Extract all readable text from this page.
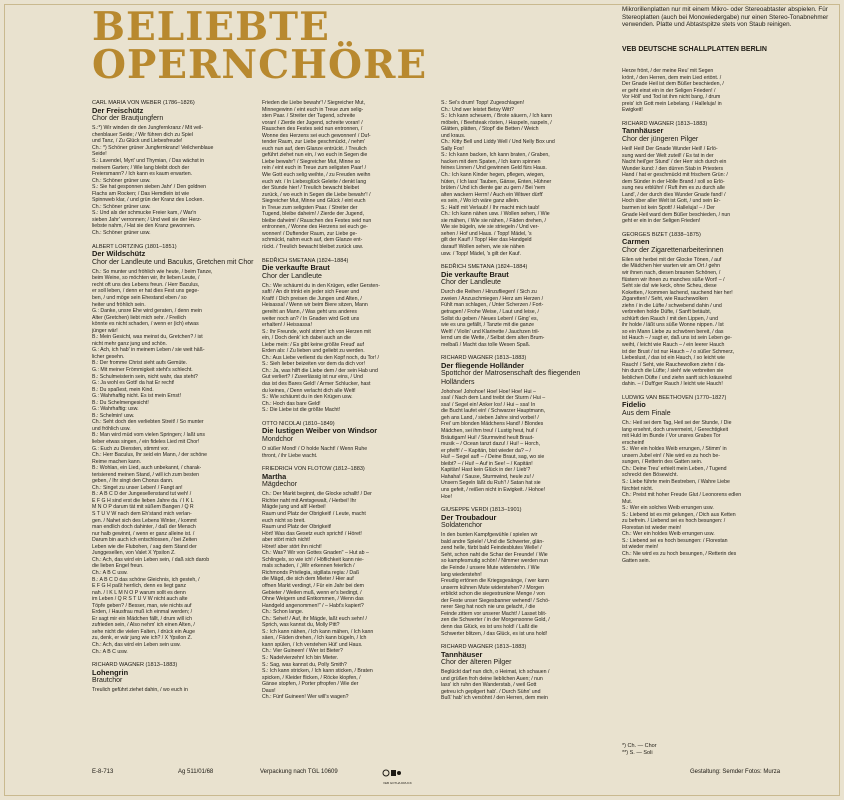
BELIEBTE
OPERNCHÖRE
Mikrorillenplatten nur mit einem Mikro- oder Stereoabtaster abspielen. Für Stereoplatten (auch bei Monowiedergabe) nur einen Stereo-Tonabnehmer verwenden. Platte und Abtastspitze stets von Staub reinigen.
VEB DEUTSCHE SCHALLPLATTEN BERLIN
CARL MARIA VON WEBER (1786–1826)
Der Freischütz
Chor der Brautjungfern
S.:*) Wir winden dir den Jungfernkranz / Mit veil-
chenblauer Seide; / Wir führen dich zu Spiel
und Tanz, / Zu Glück und Liebesfreude!
Ch.: *) Schöner grüner Jungfernkranz! Veilchenblaue
Seide!
S.: Lavendel, Myrt' und Thymian, / Das wächst in
meinem Garten; / Wie lang bleibt doch der
Freiersmann? / Ich kann es kaum erwarten.
Ch.: Schöner grüner usw.
S.: Sie hat gesponnen sieben Jahr' / Den goldnen
Flachs am Rocken; / Das Hemdlein ist wie
Spinnweb klar, / und grün der Kranz des Locken.
Ch.: Schöner grüner usw.
S.: Und als der schmucke Freier kam, / War'n
sieben Jahr' verronnen; / Und weil sie der Herz-
liebste nahm, / Hat sie den Kranz gewonnen.
Ch.: Schöner grüner usw.
ALBERT LORTZING (1801–1851)
Der Wildschütz
Chor der Landleute und Baculus, Gretchen mit Chor
Ch.: So munter und fröhlich wie heute, / beim Tanze,
beim Weine, so möchten wir, ihr lieben Leute, /
recht oft uns des Lebens freun. / Herr Baculus,
er soll leben, / denn er hat dies Fest uns gege-
ben, / und möge sein Ehestand eben / so
heiter und fröhlich sein.
G.: Danke, unsre Ehe wird geraten, / denn mein
Alter (Gretchen) liebt mich sehr. / Freilich
könnte es nicht schaden, / wenn er (ich) etwas
jünger wär!
B.: Mein Gesicht, was meinst du, Gretchen? / ist
nicht mehr ganz jung und schön.
G.: Ach, ich hab' in meinem Leben / sie weit häß-
licher gesehn.
B.: Der fromme Christ sieht aufs Gemüte.
G.: Mit meiner Frömmigkeit steht's schlecht.
B.: Schulmeisterin sein, nicht wahr, das steht?
G.: Ja wohl es Gott! da hat Er recht!
B.: Du spaßest, mein Kind.
G.: Wahrhaftig nicht. Es ist mein Ernst!
B.: Du Schelmengesicht!
G.: Wahrhaftig: usw.
B.: Schelmin! usw.
Ch.: Seht doch den verliebten Streit! / So munter
und fröhlich usw.
B.: Man wird müd vom vielen Springen; / laßt uns
lieber etwas singen, / ein fideles Lied mit Chor!
G.: Euch zu Diensten, stimmt vor.
Ch.: Herr Baculus, Ihr seid ein Mann, / der schöne
Reime machen kann.
B.: Wohlan, ein Lied, auch unbekannt, / charak-
terisierend meinen Stand, / will ich zum besten
geben, / Ihr singt den Chorus dann.
Ch.: Singet zu unser Leben! / Fangt an!
B.: A B C D der Jungesellenstand tut weh! /
E F G H sind erst die lieben Jahre da. / I K L
M N O P darum tät mit süßem Bangen / Q R
S T U V W nach dem Eh'stand mich verlan-
gen. / Nahet sich des Lebens Winter, / kommt
man endlich doch dahinter, / daß der Mensch
nur halb gewinnt, / wenn er ganz alleine ist. /
Darum bin auch ich entschlossen, / bei Zeiten
Leben wie die Flubohen, / sag dem Stand der
Junggesellen, von Valet X Ypsilon Z.
Ch.: Ach, das wird ein Leben sein, / daß sich darob
die lieben Engel freun.
Ch.: A B C usw.
B.: A B C D das schöne Gleichnis, ich gesteh, /
E F G H paßt herrlich, denn es liegt ganz
nah. / I K L M N O P warum sollt es denn
im Leben / Q R S T U V W nicht auch alte
Töpfe geben? / Besser, man, wie nichts auf
Erden, / Hausfrau muß ich einmal werden; /
Er sagt mir ein Mädchen fällt, / drum will ich
zufrieden sein, / Also nehm' ich einen Alten, /
sehe nicht die vielen Falten, / drück ein Auge
zu, denk, er wär jung wie ich? / X Ypsilon Z.
Ch.: Ach, das wird ein Leben sein usw.
Ch.: A B C usw.
RICHARD WAGNER (1813–1883)
Lohengrin
Brautchor
Treulich geführt ziehet dahin, / wo euch in
Frieden die Liebe bewahr'! / Siegreicher Mut,
Minnegewinn / eint euch in Treue zum selig-
sten Paar. / Streiter der Tugend, schreite
voran! / Zierde der Jugend, schreite voran! /
Rauschen des Festes seid nun entronnen, /
Wonne des Herzens sei euch gewonnen! / Duf-
tender Raum, zur Liebe geschmückt, / nehm'
euch nun auf, dem Glanze entrückt. / Treulich
geführt ziehet nun ein, / wo euch in Segen die
Liebe bewahr'! / Siegreicher Mut, Minne so
rein / eint euch in Treue zum seligsten Paar! /
Wie Gott euch selig weihte, / zu Freuden weihn
euch wir. / In Liebesglück Geleite / denkt lang
der Stunde hier! / Treulich bewacht bleibet
zurück, / wo euch in Segen die Liebe bewahr'! /
Siegreicher Mut, Minne und Glück / eint euch
in Treue zum seligsten Paar. / Streiter der
Tugend, bleibe daheim! / Zierde der Jugend,
bleibe daheim! / Rauschen des Festes seid nun
entronnen, / Wonne des Herzens sei euch ge-
wonnen! / Duftender Raum, zur Liebe ge-
schmückt, nahm euch auf, dem Glanze ent-
rückt. / Treulich bewacht bleibet zurück usw.
BEDŘICH SMETANA (1824–1884)
Die verkaufte Braut
Chor der Landleute
Ch.: Wie schäumt du in den Krügen, edler Gersten-
saft! / An dir trinkt ein jeder sich Feuer und
Kraft! / Dich preisen die Jungen und Alten, /
Heisassa! / Wenn wir beim Biere sitzen, Mann
gereiht an Mann, / Was geht uns anderes
weiter noch an? / In Gnaden wird Gott uns
erhalten! / Heissassa!
S.: Ihr Freunde, wohl stimm' ich von Herzen mit
ein, / Doch denk' ich dabei auch an die
Liebe mein: / Es gibt keine größte Freud' auf
Erden als: / Zu lieben und geliebt zu werden.
Ch.: Aus Liebe verlierst du den Kopf noch, du Tor! /
S.: Sieh lieber beizeiten vor dem da dich vor!
Ch.: Ja, was hilft die Liebe dem / der sein Hab und
Gut verliert? / Zuverlässig ist nur eins, / Und
das ist des Bares Geld! / Armer Schlucker, hast
du keines, / Denn verlacht dich alle Welt!
S.: Wie schäumt du in den Krügen usw.
Ch.: Hoch das bare Geld!
S.: Die Liebe ist die größte Macht!
OTTO NICOLAI (1810–1849)
Die lustigen Weiber von Windsor
Mondchor
O süßer Mond! / O holde Nacht! / Wenn Ruhe
thront, / ihr Liebe wacht.
FRIEDRICH VON FLOTOW (1812–1883)
Martha
Mägdechor
Ch.: Der Markt beginnt, die Glocke schallt! / Der
Richter naht mit Amtsgewalt, / Herbei! Ihr
Mägde jung und alt! Herbei!
Raum und Platz der Obrigkeit! / Leute, macht
euch nicht so breit.
Raum und Platz der Obrigkeit!
Hört! Was das Gesetz euch spricht! / Höret!
aber stört mich nicht!
Höret! aber stört ihn nicht!
Ch.: Was? Wir von Gottes Gnaden" – Hut ab –
Schlingels, so wie ich! / Höflichkeit kann nie-
mals schaden, / „Wir erkennen feierlich /
Richmonds Privilegia, sigillata regia: / Daß
die Mägd, die sich dem Mieter / Hier auf
offnen Markt verdingt, / Für ein Jahr bei dem
Gebieter / Weilen muß, wenn er's bedingt, /
Ohne Weigern und Entkommen, / Wenn das
Handgeld angenommen!" / – Habt's kapiert?
Ch.: Schon lange.
Ch.: Sehet! / Auf, ihr Mägde, laßt euch sehn! /
Sprich, was kannst du, Molly Pitt?
S.: Ich kann nähen, / Ich kann mähen, / Ich kann
säen, / Fäden drehen, / Ich kann bügeln, / Ich
kann spülen, / Ich verstehen Hüt' und Haus.
Ch.: Vier Guineen! / Wer ist Bieter?
S.: Nadelvierzehn! Ich bin Mieter.
S.: Sag, was kannst du, Polly Smith?
S.: Ich kann stricken, / Ich kann sticken, / Braten
spicken, / Kleider flicken, / Röcke klopfen, /
Gänse stopfen, / Porter pfropfen / Wie der
Daus!
Ch.: Fünf Guineen! Wer will's wagen?
S.: Sei's drum! Topp! Zugeschlagen!
Ch.: Und wer leistet Betsy Witt?
S.: Ich kann scheuern, / Brote säuern, / Ich kann
möbeln, / Beefsteak rösten, / Haspeln, raspeln, /
Glätten, plätten, / Stopf' die Betten / Weich
und kraus.
Ch.: Kitty Bell und Liddy Well / Und Nelly Box und
Sally Fox!
S.: Ich kann backen, Ich kann braten, / Graben,
hacken mit dem Spaten, / Ich kann spinnen
feines Linnen / Und gewinnen Geld fürs Haus.
Ch.: Ich kann Kinder hegen, pflegen, wiegen,
hüten, / Ich lass' Tauben, Gänse, Enten, Hühner
brüten / Und ich diente gar zu gern / Bei 'nem
alten wackern Herrn! / Auch ein Witwer dürft'
es sein, / Wo ich wäre ganz allein.
S.: Halt! mit Verlaub! / Ihr macht mich taub!
Ch.: Ich kann nähen usw. / Wollen sehen, / Wie
sie mähen, / Wie sie nähen, / Fäden drehen, /
Wie sie bügeln, wie sie striegeln / Und ver-
sehen / Hof und Haus. / Topp! Mädel, 's
gilt der Kauf! / Topp! Hier das Handgeld
darauf! Wollen sehen, wie sie nähen
usw. / Topp! Mädel, 's gilt der Kauf.
BEDŘICH SMETANA (1824–1884)
Die verkaufte Braut
Chor der Landleute
Durch die Reihen / Hinzufliegen! / Sich zu
zweien / Anzuschmiegen / Herz am Herzen /
Fühlt man schlagen, / Unter Scherzen / Fort-
getragen! / Frohe Weise, / Laut und leise, /
Sollst du geben / Neues Leben! / Ging' es,
wie es uns gefällt, / Tanzte mit die ganze
Welt! / Violin' und Klarinette / Jauchzen tril-
lernd um die Wette, / Selbst dem alten Brum-
melbaß / Macht das tolle Wesen Spaß.
RICHARD WAGNER (1813–1883)
Der fliegende Holländer
Spottchor der Matrosenschaft des fliegenden Holländers
Johohoe! Johohoe! Hoe! Hoe! Hoe! Hui –
ssa! / Nach dem Land treibt der Sturm / Hui –
ssa! / Segel ein! Anker los! / Hui – ssa! In
die Bucht laufet ein! / Schwarzer Hauptmann,
geh ans Land, / sieben Jahre sind vorbei! /
Frei' um blonden Mädchens Hand! / Blondes
Mädchen, sei ihm treu! / Lustig heut, hui! /
Bräutigam! Hui! / Sturmwind heult Braut-
musik – / Ocean tanzt dazu! / Hui! – Horch,
er pfeift! / – Kapitän, bist wieder da? – /
Hui! – Segel auf! – / Deine Braut, sag, wo sie
bleibt? – / Hui! – Auf in See! – / Kapitän!
Kapitän! Hast kein Glück in der / Lieb'?
Hahaha! / Sause, Sturmwind, heule zu! /
Unsern Segeln läßt du Ruh'! / Satan hat sie
uns gefeit, / reißen nicht in Ewigkeit. / Hohoe!
Hoe!
GIUSEPPE VERDI (1813–1901)
Der Troubadour
Soldatenchor
In den bunten Kampfgewühle / spielen wir
bald andre Spiele! / Und die Schwerter, glän-
zend helle, färbt bald Feindesblutes Welle! /
Seht, schon naht die Schar der Freunde! / Wie
so kampfesmutig schön! / Nimmer werden nun
die Feinde / unsere Mute widerstehn. / Wie
lang wiederstehn!
Freudig ertönen die Kriegsgesänge, / wer kann
unserm kühnen Mute widerstehen? / Morgen
erblickt schon die siegestrunkne Menge / von
der Feste unser Siegesbanner wehend! / Schö-
nerer Sieg hat noch nie uns gelacht, / die
Feinde zittern vor unserer Macht! / Lasset blit-
zen die Schwerter / in der Morgensonne Gold, /
denn das Glück, es ist uns hold! / Laßt die
Schwerter blitzen, / das Glück, es ist uns hold!
RICHARD WAGNER (1813–1883)
Tannhäuser
Chor der älteren Pilger
Beglückt darf nun dich, o Heimat, ich schauen /
und grüßen froh deine lieblichen Auen; / nun
lass' ich ruhn den Wanderstab, / weil Gott
getreu ich gepilgert hab'. / Durch Sühn' und
Buß' hab' ich versöhnt / den Herren, dem mein
Herze frönt, / der meine Reu' mit Segen
krönt, / den Herren, dem mein Lied ertönt. /
Der Gnade Heil ist dem Büßer beschieden, /
er geht einst ein in der Seligen Frieden! /
Vor Höll' und Tod ist ihm nicht bang, / drum
preis' ich Gott mein Lebelang. / Halleluja! in
Ewigkeit!
RICHARD WAGNER (1813–1883)
Tannhäuser
Chor der jüngeren Pilger
Heil! Heil! Der Gnade Wunder Heil! / Erlö-
sung ward der Welt zuteil! / Es tat in der
Nacht heil'ger Stund' / der Herr sich durch ein
Wunder kund: / den dürren Stab in Priesters
Hand / hat er geschmückt mit frischem Grün: /
dem Sünder in der Hölle Brand / soll so Erlö-
sung neu erblühn! / Ruft ihm es zu durch alle
Land', / der durch dies Wunder Gnade fand! /
Hoch über aller Welt ist Gott, / und sein Er-
barmen ist kein Spott! / Halleluja! – / Der
Gnade Heil ward dem Büßer beschieden, / nun
geht er ein in der Seligen Frieden!
GEORGES BIZET (1838–1875)
Carmen
Chor der Zigarettenarbeiterinnen
Eilen wir herbei mit der Glocke Tönen, / auf
die Mädchen hier warten wir am Ort / gehn
wir ihnen nach, diesen braunen Schönen, /
flüstern wir ihnen zu manches süße Wort! – /
Seht sie da! wie keck, ohne Scheu, diese
Koketten, / kommen lachend, rauchend hier her!
Zigaretten! / Seht, wie Rauchewolken
ziehn / in die Lüfte / schwebend dahin / und
verbreiten holde Düfte, / Sanft betäubt,
schlürft den Rauch / mit den Lippen, / und
ihr holde / läßt uns süße Wonne nippen. / Ist
so ein Mann Liebe zu schwören bereit, / das
ist Hauch – / sagt er, daß uns ist sein Leben ge-
weiht, / leicht wie Rauch – / ein leerer Hauch
ist der Brust / ist nur Hauch – / o süßer Schmerz,
Liebeslust, / das ist ein Hauch, / so leicht wie
Rauch! / Seht, wie Rauchewolken ziehn / da-
hin durch die Lüfte; / sieh! wie verbreiten sie
lieblichen Düfte / und ziehn sanft sich kräuselnd
dahin. – / Duft'ger Rauch / leicht wie Hauch!
LUDWIG VAN BEETHOVEN (1770–1827)
Fidelio
Aus dem Finale
Ch.: Heil sei dem Tag, Heil sei der Stunde, / Die
lang ersehnt, doch unvermeint, / Gerechtigkeit
mit Huld im Bunde / Vor unsres Grabes Tor
erscheint!
S.: Wer ein holdes Weib errungen, / Stimm' in
unsern Jubel ein! / Nie wird es zu hoch be-
sungen, / Retterin des Gatten sein.
Ch.: Deine Treu' erhielt mein Leben, / Tugend
schreckt den Bösewicht.
S.: Liebe führte mein Bestreben, / Wahre Liebe
fürchtet nicht.
Ch.: Preist mit hoher Freude Glut / Leonorens edlen
Mut.
S.: Wer ein solches Weib errungen usw.
S.: Liebend ist es mir gelungen, / Dich aus Ketten
zu befrein. / Liebend sei es hoch besungen: /
Florestan ist wieder mein!
Ch.: Wer ein holdes Weib errungen usw.
S.: Liebend sei es hoch besungen: / Florestan
ist wieder mein!
Ch.: Nie wird es zu hoch besungen, / Retterin des
Gatten sein.
*) Ch. — Chor
**) S. — Soli
E-8-713	Ag 511/01/68	Verpackung nach TGL 10609
VEB GOTHA DRUCK
Gestaltung: Semder Fotos: Murza
